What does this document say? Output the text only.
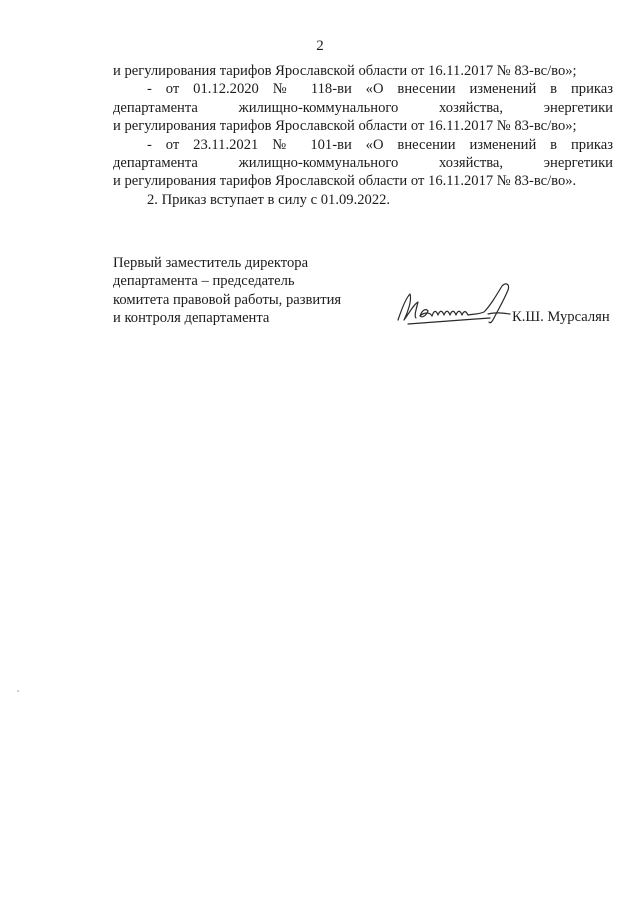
2
и регулирования тарифов Ярославской области от 16.11.2017 № 83-вс/во»;
- от 01.12.2020 № 118-ви «О внесении изменений в приказ
департамента жилищно-коммунального хозяйства, энергетики
и регулирования тарифов Ярославской области от 16.11.2017 № 83-вс/во»;
- от 23.11.2021 № 101-ви «О внесении изменений в приказ
департамента жилищно-коммунального хозяйства, энергетики
и регулирования тарифов Ярославской области от 16.11.2017 № 83-вс/во».
2. Приказ вступает в силу с 01.09.2022.
Первый заместитель директора
департамента – председатель
комитета правовой работы, развития
и контроля департамента	К.Ш. Мурсалян
